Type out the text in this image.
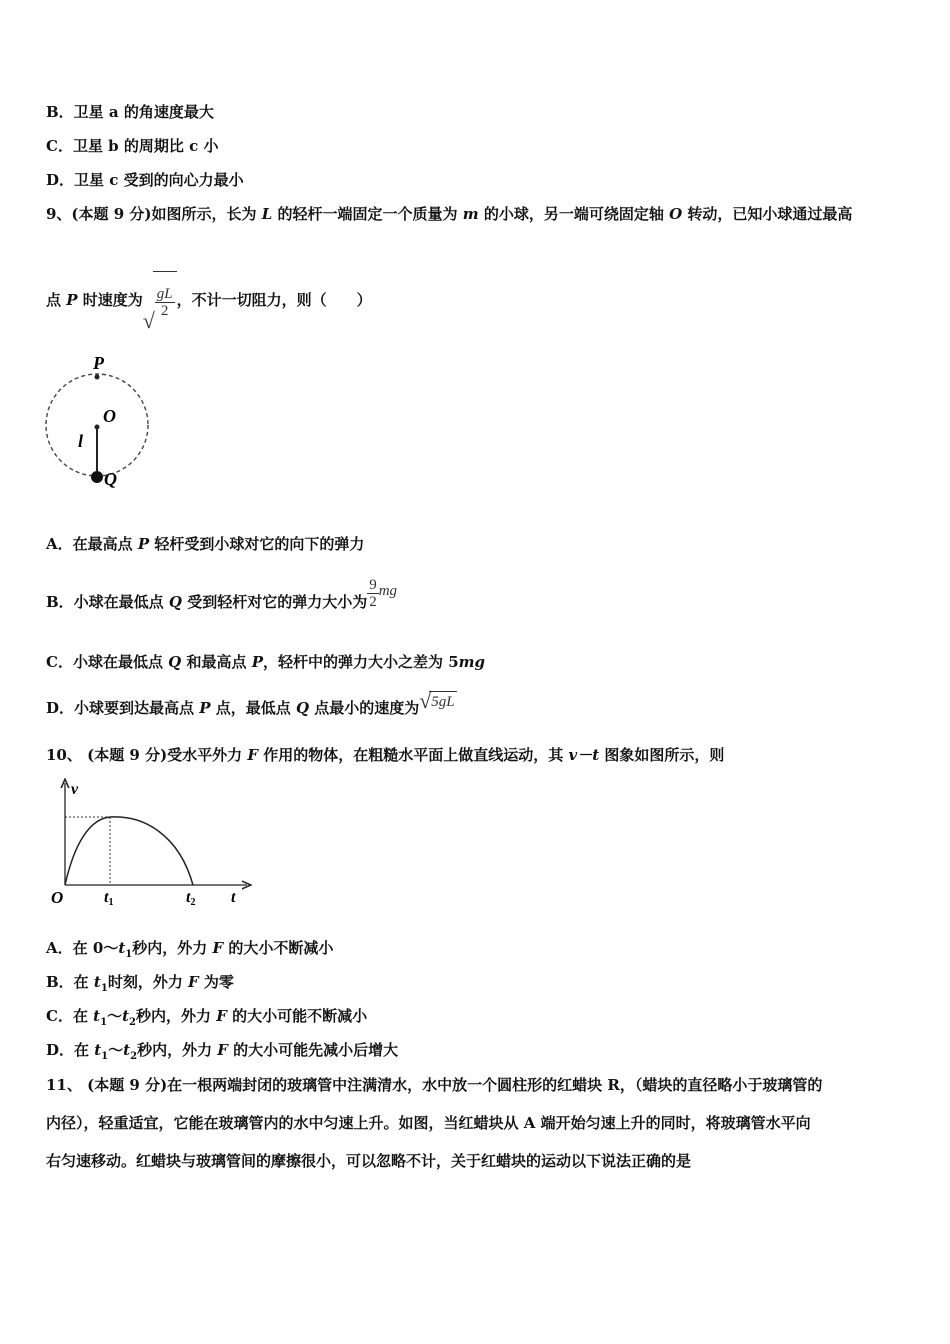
B．卫星 a 的角速度最大
C．卫星 b 的周期比 c 小
D．卫星 c 受到的向心力最小
9、(本题 9 分)如图所示，长为 L 的轻杆一端固定一个质量为 m 的小球，另一端可绕固定轴 O 转动，已知小球通过最高
点 P 时速度为
√
$\frac{gL}{2}$ ，不计一切阻力，则（　　）
P
O
l
Q
A．在最高点 P 轻杆受到小球对它的向下的弹力
B．小球在最低点 Q 受到轻杆对它的弹力大小为 $\frac{9}{2}$ mg
C．小球在最低点 Q 和最高点 P，轻杆中的弹力大小之差为 5mg
D．小球要到达最高点 P 点，最低点 Q 点最小的速度为 √ 5gL
10、 (本题 9 分)受水平外力 F 作用的物体，在粗糙水平面上做直线运动，其 v－t 图象如图所示，则
v
O	t1	t2 t
A．在 $0\sim t_1$秒内，外力 F 的大小不断减小
B．在 $t_1$时刻，外力 F 为零
C．在 $t_1\sim t_2$秒内，外力 F 的大小可能不断减小
D．在 $t_1\sim t_2$秒内，外力 F 的大小可能先减小后增大
11、 (本题 9 分)在一根两端封闭的玻璃管中注满清水，水中放一个圆柱形的红蜡块 R，（蜡块的直径略小于玻璃管的
内径），轻重适宜，它能在玻璃管内的水中匀速上升。如图，当红蜡块从 A 端开始匀速上升的同时，将玻璃管水平向
右匀速移动。红蜡块与玻璃管间的摩擦很小，可以忽略不计，关于红蜡块的运动以下说法正确的是
